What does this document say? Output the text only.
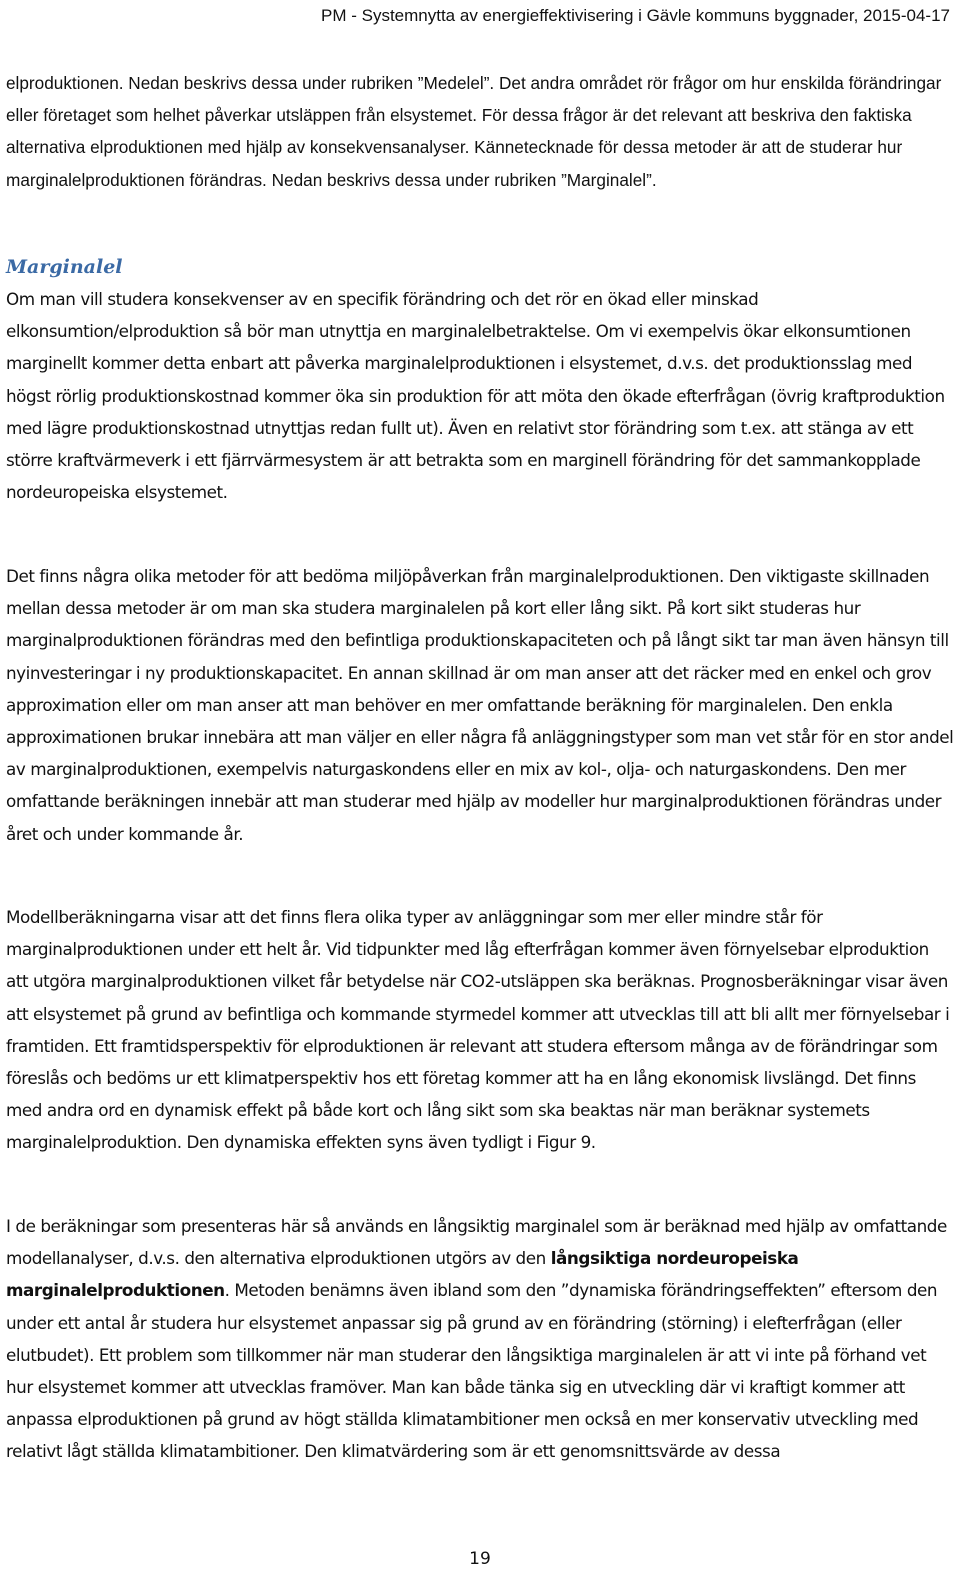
PM - Systemnytta av energieffektivisering i Gävle kommuns byggnader, 2015-04-17

elproduktionen. Nedan beskrivs dessa under rubriken ”Medelel”. Det andra området rör frågor om hur enskilda förändringar eller företaget som helhet påverkar utsläppen från elsystemet. För dessa frågor är det relevant att beskriva den faktiska alternativa elproduktionen med hjälp av konsekvensanalyser. Kännetecknade för dessa metoder är att de studerar hur marginalelproduktionen förändras. Nedan beskrivs dessa under rubriken ”Marginalel”.

Marginalel

Om man vill studera konsekvenser av en specifik förändring och det rör en ökad eller minskad elkonsumtion/elproduktion så bör man utnyttja en marginalelbetraktelse. Om vi exempelvis ökar elkonsumtionen marginellt kommer detta enbart att påverka marginalelproduktionen i elsystemet, d.v.s. det produktionsslag med högst rörlig produktionskostnad kommer öka sin produktion för att möta den ökade efterfrågan (övrig kraftproduktion med lägre produktionskostnad utnyttjas redan fullt ut). Även en relativt stor förändring som t.ex. att stänga av ett större kraftvärmeverk i ett fjärrvärmesystem är att betrakta som en marginell förändring för det sammankopplade nordeuropeiska elsystemet.

Det finns några olika metoder för att bedöma miljöpåverkan från marginalelproduktionen. Den viktigaste skillnaden mellan dessa metoder är om man ska studera marginalelen på kort eller lång sikt. På kort sikt studeras hur marginalproduktionen förändras med den befintliga produktionskapaciteten och på långt sikt tar man även hänsyn till nyinvesteringar i ny produktionskapacitet. En annan skillnad är om man anser att det räcker med en enkel och grov approximation eller om man anser att man behöver en mer omfattande beräkning för marginalelen. Den enkla approximationen brukar innebära att man väljer en eller några få anläggningstyper som man vet står för en stor andel av marginalproduktionen, exempelvis naturgaskondens eller en mix av kol-, olja- och naturgaskondens. Den mer omfattande beräkningen innebär att man studerar med hjälp av modeller hur marginalproduktionen förändras under året och under kommande år.

Modellberäkningarna visar att det finns flera olika typer av anläggningar som mer eller mindre står för marginalproduktionen under ett helt år. Vid tidpunkter med låg efterfrågan kommer även förnyelsebar elproduktion att utgöra marginalproduktionen vilket får betydelse när CO2-utsläppen ska beräknas. Prognosberäkningar visar även att elsystemet på grund av befintliga och kommande styrmedel kommer att utvecklas till att bli allt mer förnyelsebar i framtiden. Ett framtidsperspektiv för elproduktionen är relevant att studera eftersom många av de förändringar som föreslås och bedöms ur ett klimatperspektiv hos ett företag kommer att ha en lång ekonomisk livslängd. Det finns med andra ord en dynamisk effekt på både kort och lång sikt som ska beaktas när man beräknar systemets marginalelproduktion. Den dynamiska effekten syns även tydligt i Figur 9.

I de beräkningar som presenteras här så används en långsiktig marginalel som är beräknad med hjälp av omfattande modellanalyser, d.v.s. den alternativa elproduktionen utgörs av den långsiktiga nordeuropeiska marginalelproduktionen. Metoden benämns även ibland som den ”dynamiska förändringseffekten” eftersom den under ett antal år studera hur elsystemet anpassar sig på grund av en förändring (störning) i elefterfrågan (eller elutbudet). Ett problem som tillkommer när man studerar den långsiktiga marginalelen är att vi inte på förhand vet hur elsystemet kommer att utvecklas framöver. Man kan både tänka sig en utveckling där vi kraftigt kommer att anpassa elproduktionen på grund av högt ställda klimatambitioner men också en mer konservativ utveckling med relativt lågt ställda klimatambitioner. Den klimatvärdering som är ett genomsnittsvärde av dessa

19
